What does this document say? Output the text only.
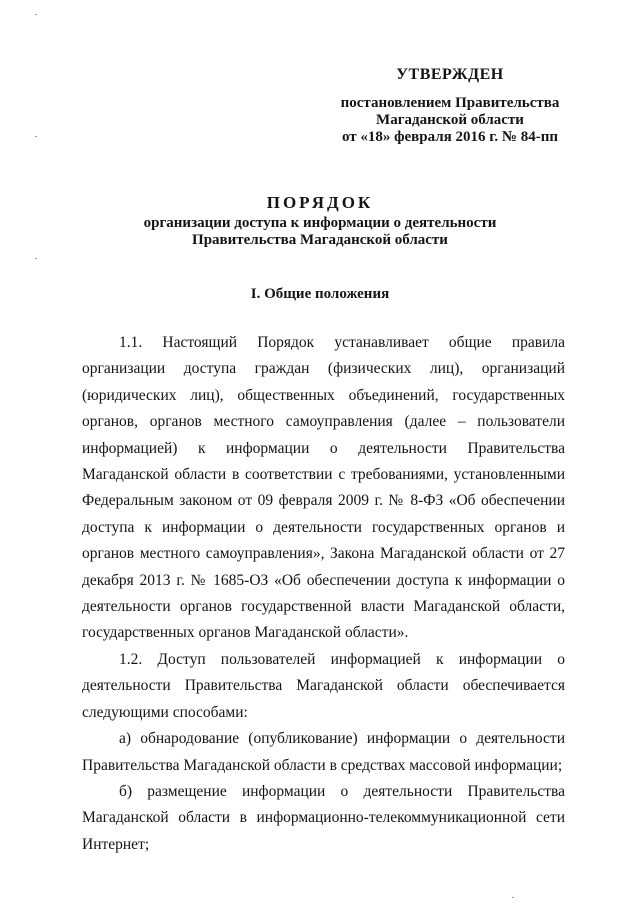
УТВЕРЖДЕН
постановлением Правительства
Магаданской области
от «18» февраля 2016 г. № 84-пп
ПОРЯДОК
организации доступа к информации о деятельности
Правительства Магаданской области
I. Общие положения

1.1. Настоящий Порядок устанавливает общие правила организации доступа граждан (физических лиц), организаций (юридических лиц), общественных объединений, государственных органов, органов местного самоуправления (далее – пользователи информацией) к информации о деятельности Правительства Магаданской области в соответствии с требованиями, установленными Федеральным законом от 09 февраля 2009 г. № 8-ФЗ «Об обеспечении доступа к информации о деятельности государственных органов и органов местного самоуправления», Закона Магаданской области от 27 декабря 2013 г. № 1685-ОЗ «Об обеспечении доступа к информации о деятельности органов государственной власти Магаданской области, государственных органов Магаданской области».

1.2. Доступ пользователей информацией к информации о деятельности Правительства Магаданской области обеспечивается следующими способами:

а) обнародование (опубликование) информации о деятельности Правительства Магаданской области в средствах массовой информации;

б) размещение информации о деятельности Правительства Магаданской области в информационно-телекоммуникационной сети Интернет;
